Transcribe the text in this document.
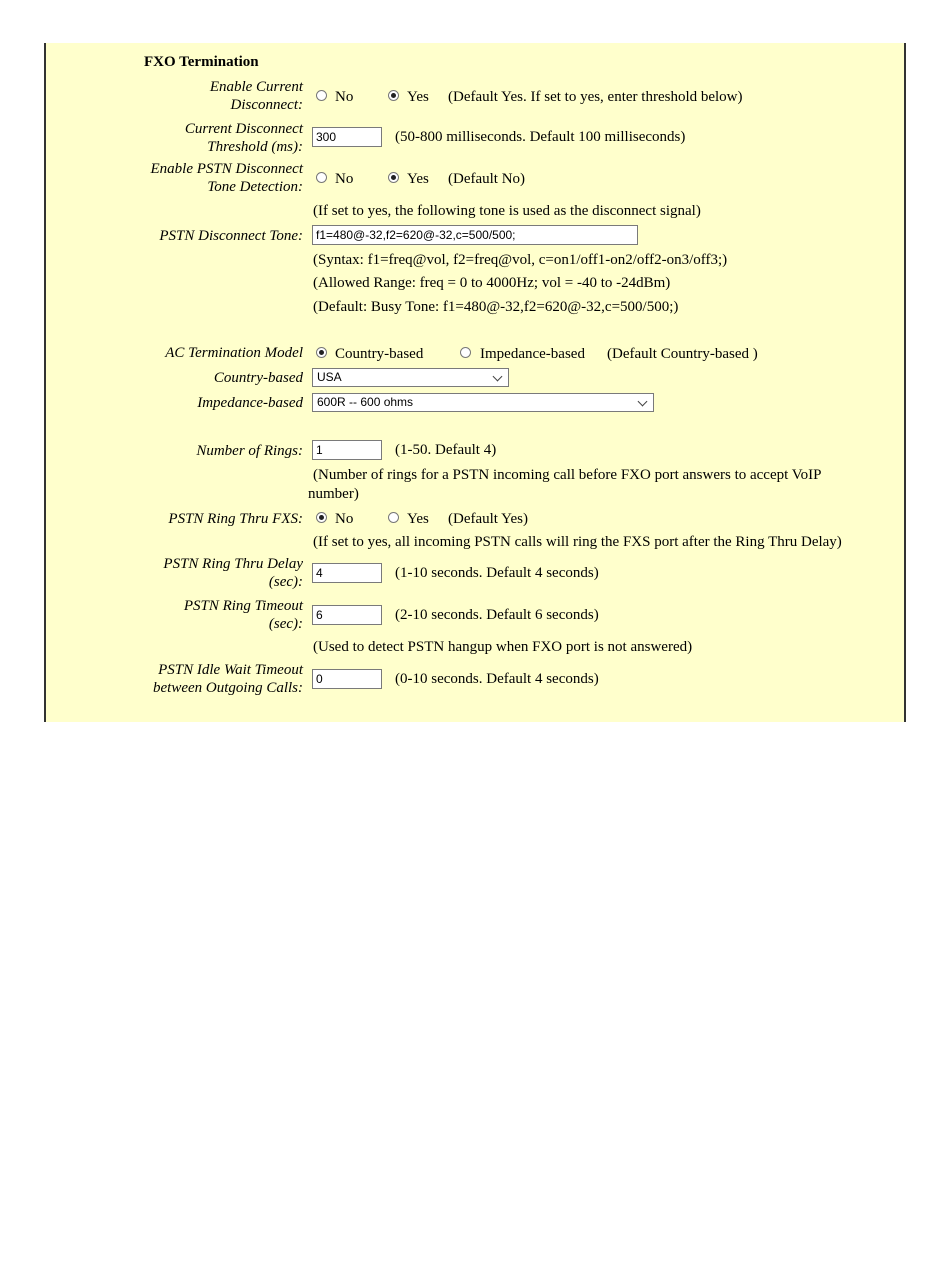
FXO Termination
Enable Current
Disconnect: No	Yes (Default Yes. If set to yes, enter threshold below)
Current Disconnect
Threshold (ms):
300	(50-800 milliseconds. Default 100 milliseconds)
Enable PSTN Disconnect
Tone Detection: No	Yes (Default No)
(If set to yes, the following tone is used as the disconnect signal)
PSTN Disconnect Tone:	f1=480@-32,f2=620@-32,c=500/500;
(Syntax: f1=freq@vol, f2=freq@vol, c=on1/off1-on2/off2-on3/off3;)
(Allowed Range: freq = 0 to 4000Hz; vol = -40 to -24dBm)
(Default: Busy Tone: f1=480@-32,f2=620@-32,c=500/500;)
AC Termination Model Country-based	Impedance-based (Default Country-based )
Country-based	USA
Impedance-based	600R -- 600 ohms
Number of Rings:	1	(1-50. Default 4)
(Number of rings for a PSTN incoming call before FXO port answers to accept VoIP
number)
PSTN Ring Thru FXS: No	Yes (Default Yes)
(If set to yes, all incoming PSTN calls will ring the FXS port after the Ring Thru Delay)
PSTN Ring Thru Delay
(sec):
4	(1-10 seconds. Default 4 seconds)
PSTN Ring Timeout
(sec):
6	(2-10 seconds. Default 6 seconds)
(Used to detect PSTN hangup when FXO port is not answered)
PSTN Idle Wait Timeout
between Outgoing Calls:
0	(0-10 seconds. Default 4 seconds)
